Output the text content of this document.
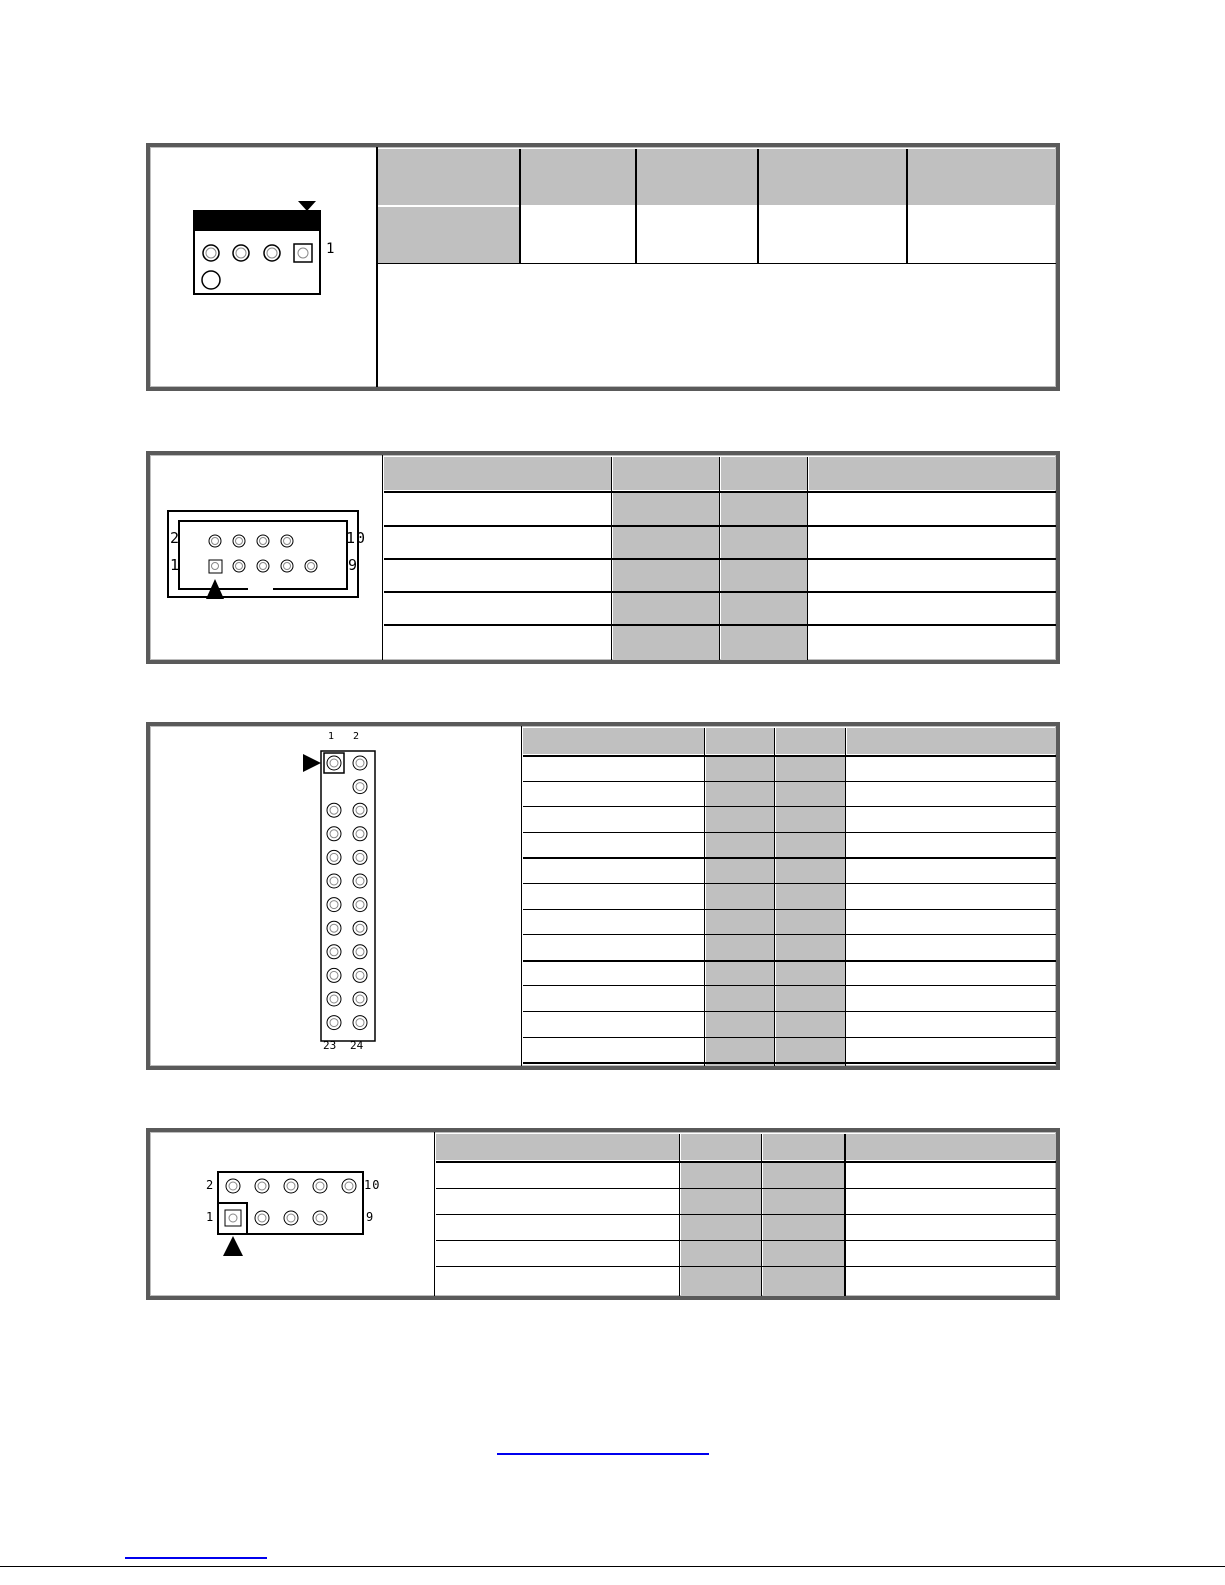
1
2	10
1	9
1 2
23 24
2	10
1	9
